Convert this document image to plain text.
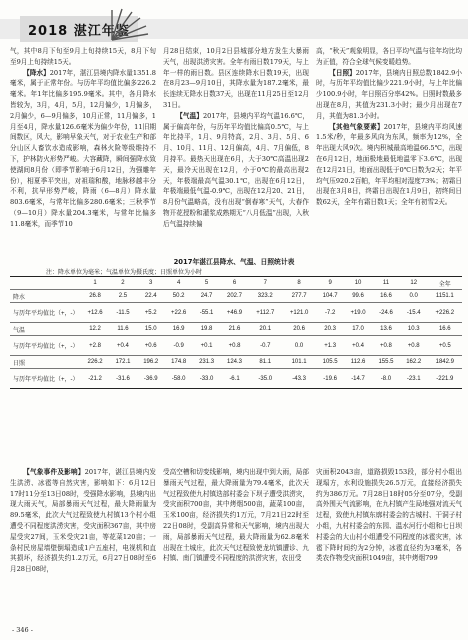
2018 湛江年鉴

气，其中8月下旬至9月上旬持续15天，8月下旬至9月上旬持续15天。

【降水】2017年，湛江县境内降水量1351.8毫米，属于正常年份。与历年平均值比偏多226.2毫米。年1年比偏多195.9毫米。其中，各月降水皆较为，3月，4月，5月，12月偏少，1月偏多，2月偏少，6—9月偏多，10月正常，11月偏多，1月至4月，降水量126.6毫米为偏少年份，11旧期间数区，风大，影响早象天气，对于农业生产和部分山区人畜饮水造成影响，森林火险等级维持不下，护林防火形势严峻。大容藏降，瞬间强降水致使湖间8月份（即季节影响于6月12日，为强雕年份），相夏季平突出，对祖瑞和酸，地脉移越丰分不利，抗早形势严峻，降雨（6—8月）降水量803.6毫米，与常年比偏多280.6毫米；三秋季节（9—10月）降水量204.3毫米，与常年比偏多11.8毫米，而季节10

月28日结束，10月2日县城部分地方发生大暴雨天气，出现洪涝灾害。全年有雨日数179天，与上年一样的雨日数。县区连续降水日数19天，出现在8月23—9月10日，其降水量为187.2毫米，最长连续无降水日数37天，出现在11月25日至12月31日。

【气温】2017年，县境内平均气温16.6℃，属于偏高年份，与历年平均值比偏高0.5℃，与上年比持平，1月、9月特高，2月、3月、5月、6月、10月、11月、12月偏高，4月、7月偏低，8月持平。最热天出现在6月，大于30℃高温出现2天，最冷天出现在12月，小于0℃的最高出现2天，年极端最高气温30.1℃，出现在6月12日，年极端最低气温-0.9℃，出现在12月20、21日，8月份气温略高，没有出现“倒春寒”天气，大春作物开花授粉和灌浆成熟期无“八月低温”出现，入秋后气温持续偏

高，“秋天”观象明显，各日平均气温与往年均比均为正值，符合全球气候变暖趋势。

【日照】2017年，县境内日照总数1842.9小时，与历年平均值比偏少221.9小时，与上年比偏少100.9小时，年日照百分率42%。日照时数最多出现在8月，其值为231.3小时；最少月出现在7月，其值为81.3小时。

【其他气象要素】2017年，县境内平均风速1.5米/秒，年最多风向为东风，频率为12%，全年出现大风9次。境内积城最高地温66.5℃，出现在6月12日，地面极地最低地温零下3.6℃，出现在12月21日，地面出现低于0℃日数为2天；年平均气压920.2百帕，年平均相对湿度73%；初霜日出现在3月8日，终霜日出现在1月9日，初终间日数62天，全年有霜日数1天；全年有初雪2天。

2017年湛江县降水、气温、日照统计表
注：降水单位为毫米；气温单位为摄氏度；日照单位为小时
	1	2	3	4	5	6	7	8	9	10	11	12	全年
降水	26.8	2.5	22.4	50.2	24.7	202.7	323.2	277.7	104.7	99.6	16.6	0.0	1151.1
与历年平均值比（+，-）	+12.6	-11.5	+5.2	+22.6	-55.1	+46.9	+112.7	+121.0	-7.2	+19.0	-24.6	-15.4	+226.2
气温	12.2	11.6	15.0	16.9	19.8	21.6	20.1	20.6	20.3	17.0	13.6	10.3	16.6
与历年平均值比（+，-）	+2.8	+0.4	+0.6	-0.9	+0.1	+0.8	-0.7	0.0	+1.3	+0.4	+0.8	+0.8	+0.5
日照	226.2	172.1	196.2	174.8	231.3	124.3	81.1	101.1	105.5	112.6	155.5	162.2	1842.9
与历年平均值比（+，-）	-21.2	-31.6	-36.9	-58.0	-33.0	-6.1	-35.0	-43.3	-19.6	-14.7	-8.0	-23.1	-221.9

【气象事件及影响】2017年，湛江县境内发生洪涝、冰雹等自然灾害，影响如下：6月12日17时11分至13日08时，受强降水影响，县境内出现大雨天气，局部暴雨天气过程，最大降雨量为89.5毫米，此次大气过程致使九村镇13个村小组遭受不同程度洪涝灾害，受灾面积367亩，其中房屋受灾27间，玉米受灾21亩，等花菜120亩；一条村民房屋墙壁倒塌造成1户五座村，电视机和直其损坏，经济损失约1.2万元，6月27日08时至6月28日08时，

受高空槽和切变线影响，境内出现中到大雨，局部暴雨天气过程，最大降雨量为79.4毫米，此次天气过程致使九村镇迭部村委会下坝子遭受洪涝灾，受灾面积700亩，其中烤烟500亩，蔬菜100亩，玉米100亩，经济损失约1万元，7月21日22时至22日08时，受副高异常和天气影响，境内出现大雨，局部暴雨天气过程，最大降雨量为62.8毫米出现在土城庄，此次天气过程致使龙坑镇遭诊、九村镇、南门镇遭受不同程度的洪涝灾害，农田受

灾面积2043亩，道路损毁153段，部分村小组出现塌方，水利设施损失26.5万元，直接经济损失约为386万元。7月28日18时05分至07分，受副高外围天气流影响，在九村镇产生局地强对流天气过程，致使九村镇东廓村委会的古城村、干洞子村小组，九村村委会的东园、温水河行小组和七日坝村委会的大山村小组遭受不同程度的冰雹灾害，冰雹下降时间约为2分钟，冰雹直径约为3毫米，各类农作物受灾面积1049亩，其中烤烟799

- 346 -
